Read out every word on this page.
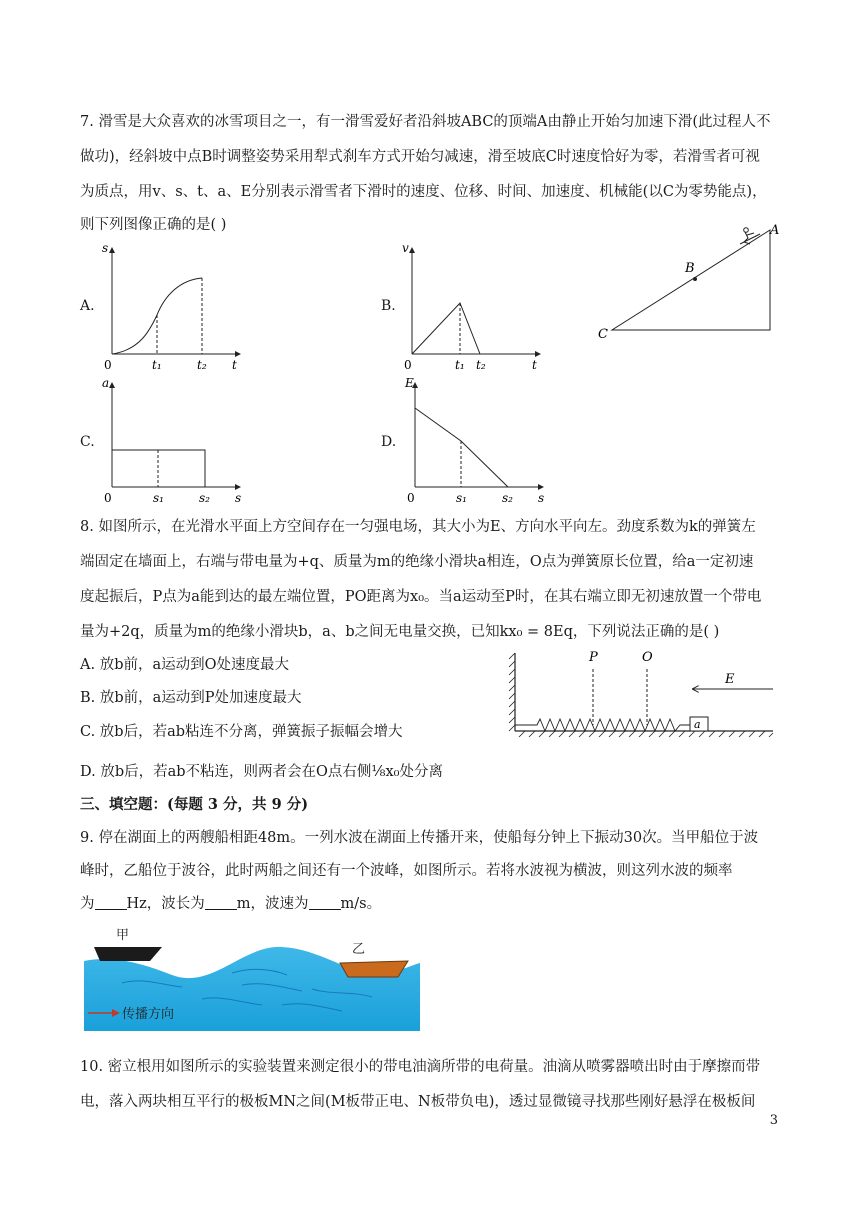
7. 滑雪是大众喜欢的冰雪项目之一，有一滑雪爱好者沿斜坡ABC的顶端A由静止开始匀加速下滑(此过程人不
做功)，经斜坡中点B时调整姿势采用犁式刹车方式开始匀减速，滑至坡底C时速度恰好为零，若滑雪者可视
为质点，用v、s、t、a、E分别表示滑雪者下滑时的速度、位移、时间、加速度、机械能(以C为零势能点)，
则下列图像正确的是( )
A.	B.
C.	D.
s
t
0	t₁	t₂
v
t
0	t₁ t₂
C
B
A
a
s
0	s₁	s₂
E
s
0	s₁	s₂
8. 如图所示，在光滑水平面上方空间存在一匀强电场，其大小为E、方向水平向左。劲度系数为k的弹簧左
端固定在墙面上，右端与带电量为+q、质量为m的绝缘小滑块a相连，O点为弹簧原长位置，给a一定初速
度起振后，P点为a能到达的最左端位置，PO距离为x₀。当a运动至P时，在其右端立即无初速放置一个带电
量为+2q，质量为m的绝缘小滑块b，a、b之间无电量交换，已知kx₀ = 8Eq，下列说法正确的是( )
A. 放b前，a运动到O处速度最大
B. 放b前，a运动到P处加速度最大
C. 放b后，若ab粘连不分离，弹簧振子振幅会增大
D. 放b后，若ab不粘连，则两者会在O点右侧⅛x₀处分离
a
P	O
E
三、填空题：(每题 3 分，共 9 分)
9. 停在湖面上的两艘船相距48m。一列水波在湖面上传播开来，使船每分钟上下振动30次。当甲船位于波
峰时，乙船位于波谷，此时两船之间还有一个波峰，如图所示。若将水波视为横波，则这列水波的频率
为 Hz，波长为 m，波速为 m/s。
甲
乙
传播方向
10. 密立根用如图所示的实验装置来测定很小的带电油滴所带的电荷量。油滴从喷雾器喷出时由于摩擦而带
电，落入两块相互平行的极板MN之间(M板带正电、N板带负电)，透过显微镜寻找那些刚好悬浮在极板间
3
